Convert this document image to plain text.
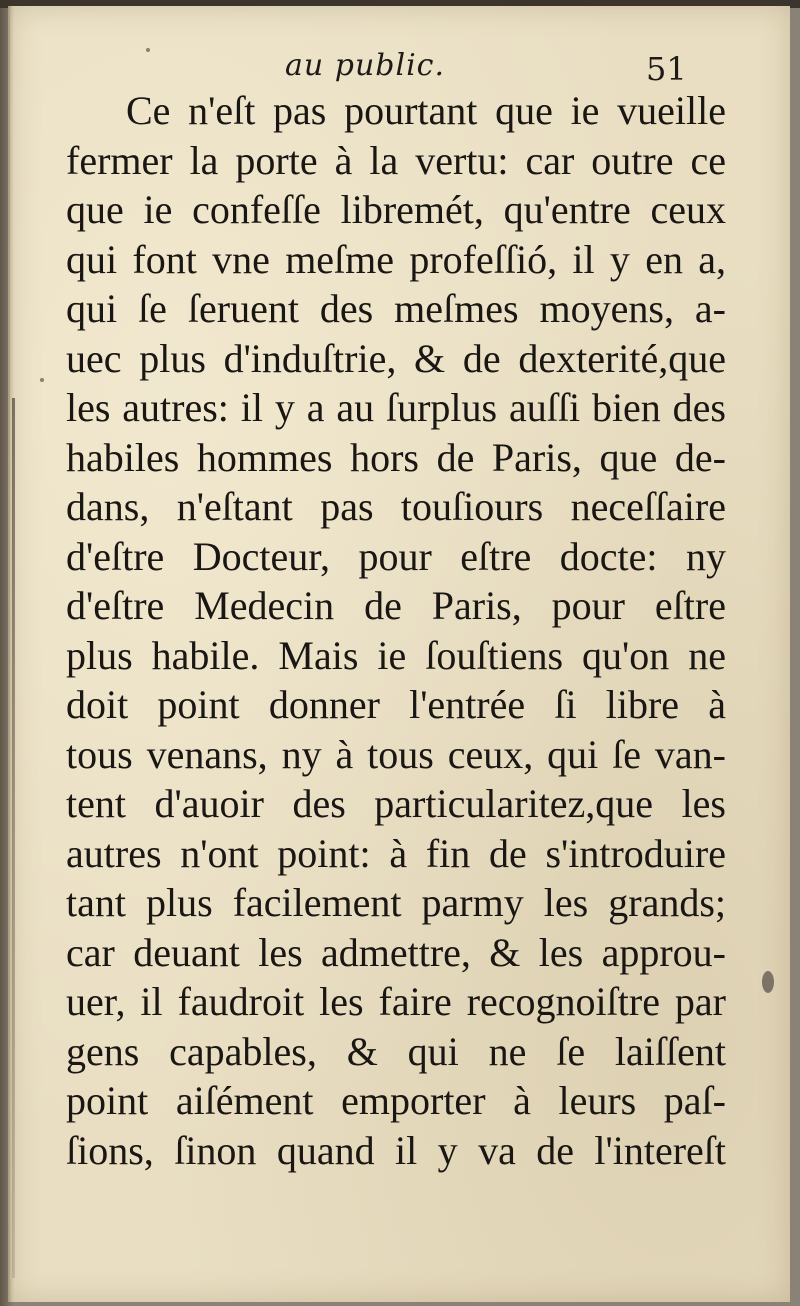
au public.	51
Ce n'eſt pas pourtant que ie vueille
fermer la porte à la vertu: car outre ce
que ie confeſſe libremét, qu'entre ceux
qui font vne meſme profeſſió, il y en a,
qui ſe ſeruent des meſmes moyens, a-
uec plus d'induſtrie, & de dexterité,que
les autres: il y a au ſurplus auſſi bien des
habiles hommes hors de Paris, que de-
dans, n'eſtant pas touſiours neceſſaire
d'eſtre Docteur, pour eſtre docte: ny
d'eſtre Medecin de Paris, pour eſtre
plus habile. Mais ie ſouſtiens qu'on ne
doit point donner l'entrée ſi libre à
tous venans, ny à tous ceux, qui ſe van-
tent d'auoir des particularitez,que les
autres n'ont point: à fin de s'introduire
tant plus facilement parmy les grands;
car deuant les admettre, & les approu-
uer, il faudroit les faire recognoiſtre par
gens capables, & qui ne ſe laiſſent
point aiſément emporter à leurs paſ-
ſions, ſinon quand il y va de l'intereſt
